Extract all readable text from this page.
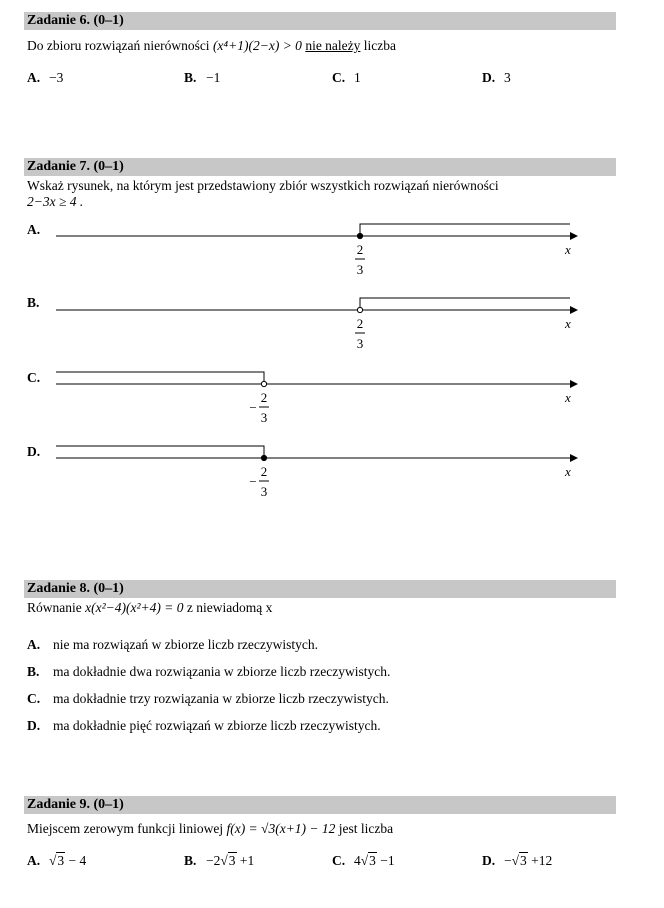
Zadanie 6. (0–1)
Do zbioru rozwiązań nierówności (x⁴+1)(2−x) > 0 nie należy liczba
A. −3	B. −1	C. 1	D. 3
Zadanie 7. (0–1)
Wskaż rysunek, na którym jest przedstawiony zbiór wszystkich rozwiązań nierówności
2−3x ≥ 4 .
A.
2
3
x
B.
2
3
x
C.
−
2
3
x
D.
−
2
3
x
Zadanie 8. (0–1)
Równanie x(x²−4)(x²+4) = 0 z niewiadomą x
A. nie ma rozwiązań w zbiorze liczb rzeczywistych.
B. ma dokładnie dwa rozwiązania w zbiorze liczb rzeczywistych.
C. ma dokładnie trzy rozwiązania w zbiorze liczb rzeczywistych.
D. ma dokładnie pięć rozwiązań w zbiorze liczb rzeczywistych.
Zadanie 9. (0–1)
Miejscem zerowym funkcji liniowej f(x) = √3(x+1) − 12 jest liczba
A. √3 − 4	B. −2√3 +1	C. 4√3 −1	D. −√3 +12
